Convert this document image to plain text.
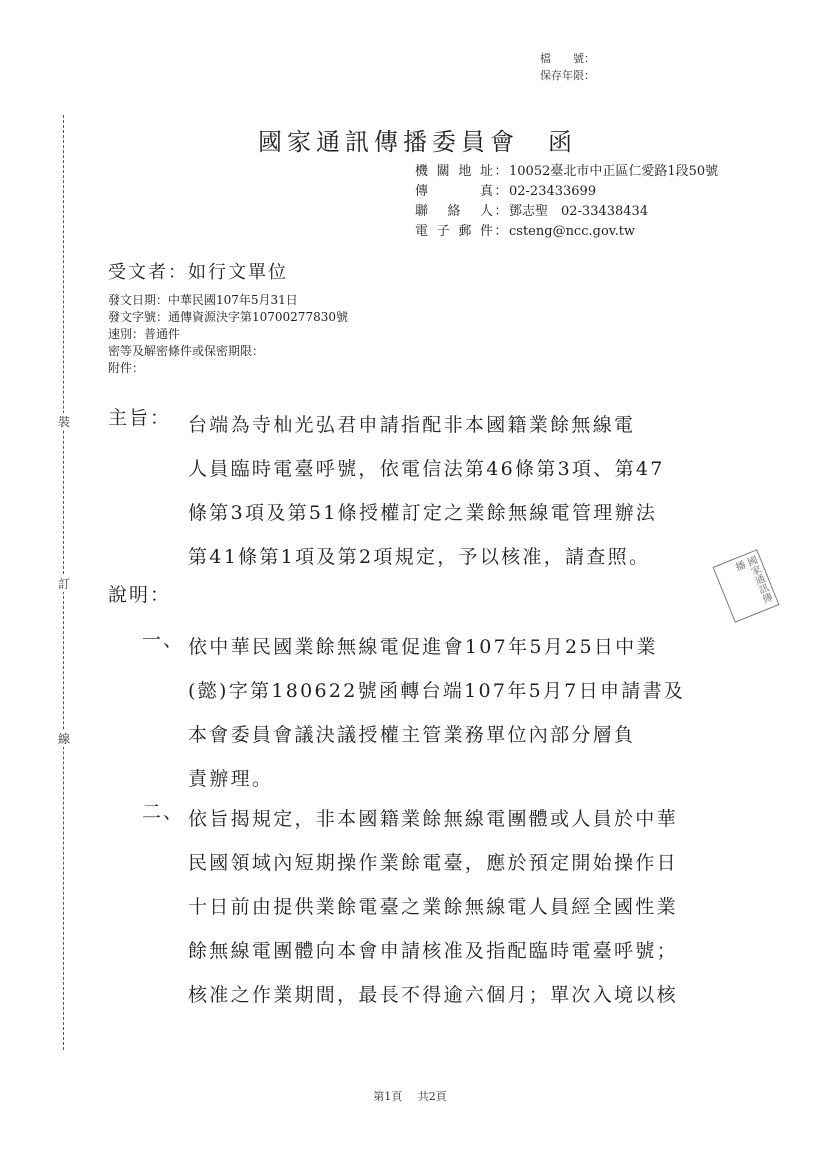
檔　　號：
保存年限：
裝
訂
線
國家通訊傳播委員會　函
機關地址 ： 10052臺北市中正區仁愛路1段50號
傳真 ： 02-23433699
聯絡人 ： 鄧志聖　02-33438434
電子郵件 ： csteng@ncc.gov.tw
受文者：如行文單位
發文日期：中華民國107年5月31日
發文字號：通傳資源決字第10700277830號
速別：普通件
密等及解密條件或保密期限：
附件：
主旨： 台端為寺杣光弘君申請指配非本國籍業餘無線電
人員臨時電臺呼號，依電信法第46條第3項、第47
條第3項及第51條授權訂定之業餘無線電管理辦法
第41條第1項及第2項規定，予以核准，請查照。	國家通訊傳播
說明：
一、 依中華民國業餘無線電促進會107年5月25日中業
(懿)字第180622號函轉台端107年5月7日申請書及
本會委員會議決議授權主管業務單位內部分層負
責辦理。
二、 依旨揭規定，非本國籍業餘無線電團體或人員於中華
民國領域內短期操作業餘電臺，應於預定開始操作日
十日前由提供業餘電臺之業餘無線電人員經全國性業
餘無線電團體向本會申請核准及指配臨時電臺呼號；
核准之作業期間，最長不得逾六個月；單次入境以核
第1頁 共2頁
